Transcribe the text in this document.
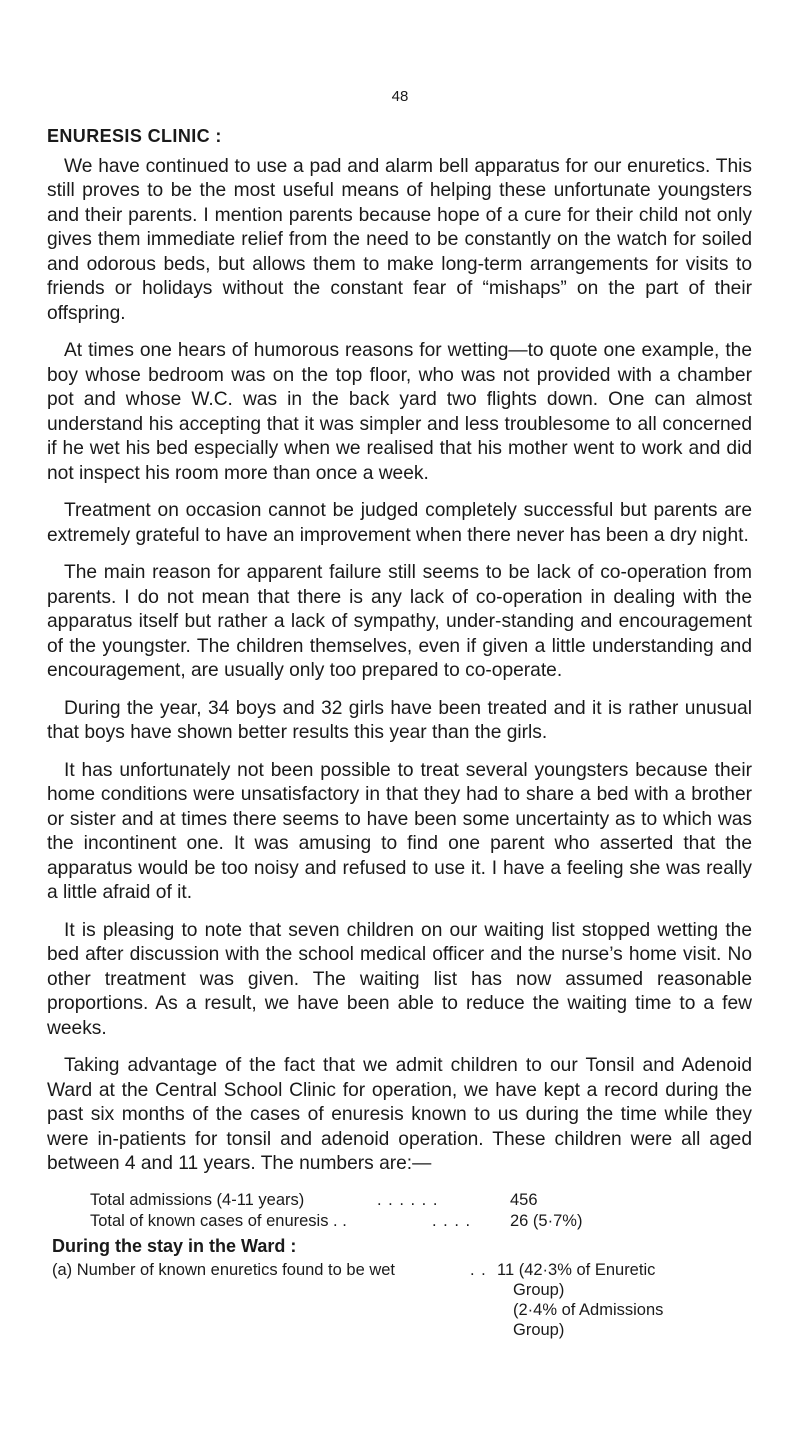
48
ENURESIS CLINIC :

We have continued to use a pad and alarm bell apparatus for our enuretics. This still proves to be the most useful means of helping these unfortunate youngsters and their parents. I mention parents because hope of a cure for their child not only gives them immediate relief from the need to be constantly on the watch for soiled and odorous beds, but allows them to make long-term arrangements for visits to friends or holidays without the constant fear of “mishaps” on the part of their offspring.

At times one hears of humorous reasons for wetting—to quote one example, the boy whose bedroom was on the top floor, who was not provided with a chamber pot and whose W.C. was in the back yard two flights down. One can almost understand his accepting that it was simpler and less troublesome to all concerned if he wet his bed especially when we realised that his mother went to work and did not inspect his room more than once a week.

Treatment on occasion cannot be judged completely successful but parents are extremely grateful to have an improvement when there never has been a dry night.

The main reason for apparent failure still seems to be lack of co-operation from parents. I do not mean that there is any lack of co-operation in dealing with the apparatus itself but rather a lack of sympathy, under-standing and encouragement of the youngster. The children themselves, even if given a little understanding and encouragement, are usually only too prepared to co-operate.

During the year, 34 boys and 32 girls have been treated and it is rather unusual that boys have shown better results this year than the girls.

It has unfortunately not been possible to treat several youngsters because their home conditions were unsatisfactory in that they had to share a bed with a brother or sister and at times there seems to have been some uncertainty as to which was the incontinent one. It was amusing to find one parent who asserted that the apparatus would be too noisy and refused to use it. I have a feeling she was really a little afraid of it.

It is pleasing to note that seven children on our waiting list stopped wetting the bed after discussion with the school medical officer and the nurse’s home visit. No other treatment was given. The waiting list has now assumed reasonable proportions. As a result, we have been able to reduce the waiting time to a few weeks.

Taking advantage of the fact that we admit children to our Tonsil and Adenoid Ward at the Central School Clinic for operation, we have kept a record during the past six months of the cases of enuresis known to us during the time while they were in-patients for tonsil and adenoid operation. These children were all aged between 4 and 11 years. The numbers are:—

Total admissions (4-11 years)	. . . . . .	456
Total of known cases of enuresis . .	. . . . 26 (5·7%)
During the stay in the Ward :
(a) Number of known enuretics found to be wet	. . 11 (42·3% of Enuretic
Group)
(2·4% of Admissions
Group)
